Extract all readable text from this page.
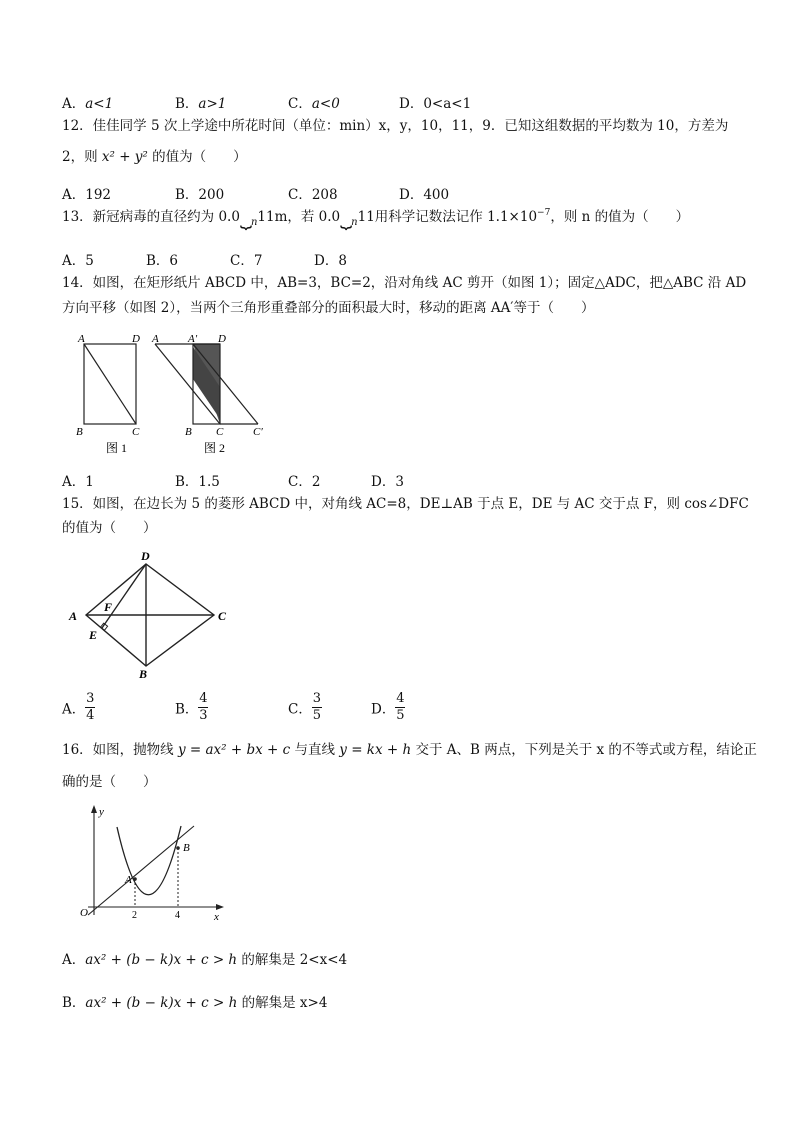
A．a<1	B．a>1	C．a<0	D．0<a<1
12．佳佳同学 5 次上学途中所花时间（单位：min）x，y，10，11，9．已知这组数据的平均数为 10，方差为
2，则 x² + y² 的值为（　　）
A．192	B．200	C．208	D．400
13．新冠病毒的直径约为 $0.0⏟_n11m$，若 $0.0⏟_n11$用科学记数法记作 $1.1\times 10^{-7}$，则 n 的值为（　　）
A．5	B．6	C．7	D．8
14．如图，在矩形纸片 ABCD 中，AB=3，BC=2，沿对角线 AC 剪开（如图 1）；固定△ADC，把△ABC 沿 AD
方向平移（如图 2），当两个三角形重叠部分的面积最大时，移动的距离 AA′等于（　　）
A	D
B	C
图 1
A	A′ D
B C	C′
图 2
A．1	B．1.5	C．2	D．3
15．如图，在边长为 5 的菱形 ABCD 中，对角线 AC=8，DE⊥AB 于点 E，DE 与 AC 交于点 F，则 cos∠DFC
的值为（　　）
A
D
C
B
F
E
A． $\frac{3}{4}$	B． $\frac{4}{3}$	C． $\frac{3}{5}$	D． $\frac{4}{5}$
16．如图，抛物线 y = ax² + bx + c 与直线 y = kx + h 交于 A、B 两点，下列是关于 x 的不等式或方程，结论正
确的是（　　）
y
O	x
A
B
2	4
A．ax² + (b − k)x + c > h 的解集是 2<x<4
B．ax² + (b − k)x + c > h 的解集是 x>4
